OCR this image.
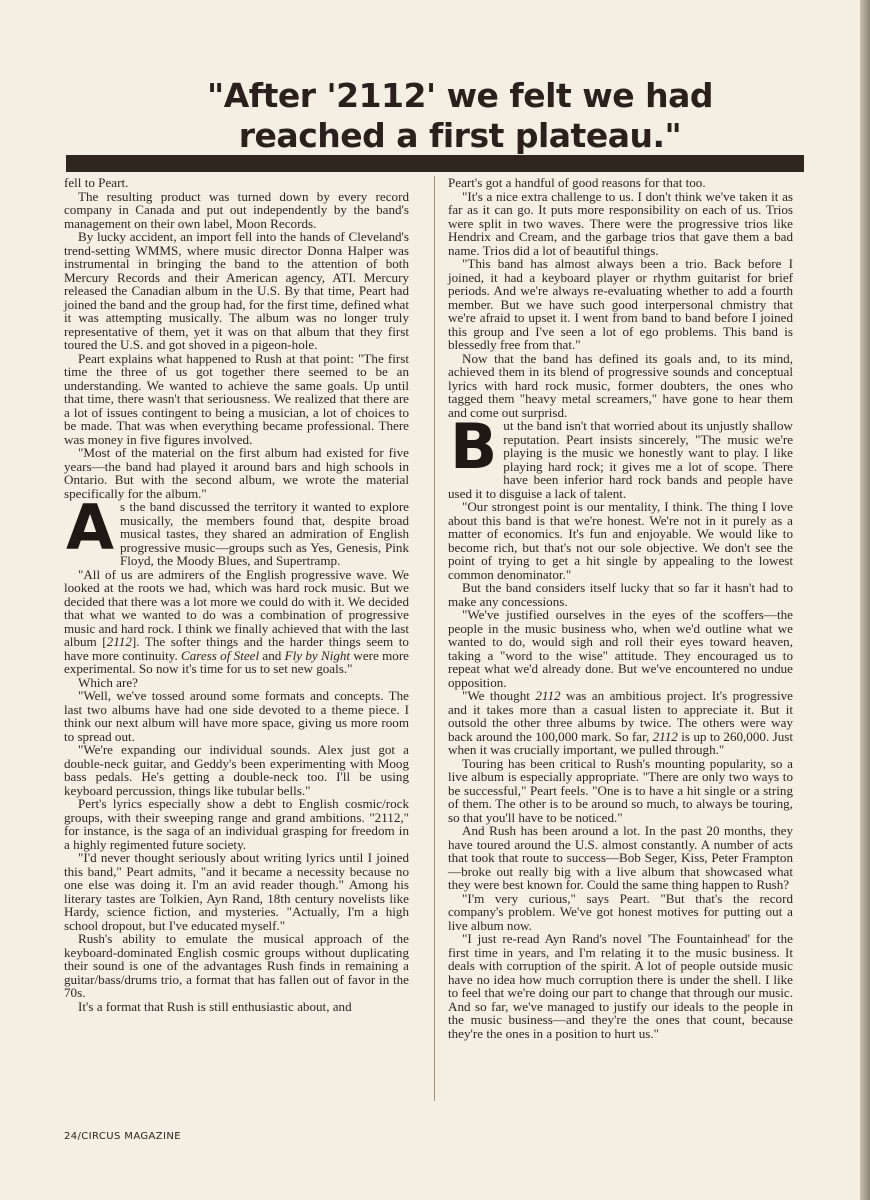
"After '2112' we felt we had
reached a first plateau."

fell to Peart.

The resulting product was turned down by every record company in Canada and put out independently by the band's management on their own label, Moon Records.

By lucky accident, an import fell into the hands of Cleveland's trend-setting WMMS, where music director Donna Halper was instrumental in bringing the band to the attention of both Mercury Records and their American agency, ATI. Mercury released the Canadian album in the U.S. By that time, Peart had joined the band and the group had, for the first time, defined what it was attempting musically. The album was no longer truly representative of them, yet it was on that album that they first toured the U.S. and got shoved in a pigeon-hole.

Peart explains what happened to Rush at that point: "The first time the three of us got together there seemed to be an understanding. We wanted to achieve the same goals. Up until that time, there wasn't that seriousness. We realized that there are a lot of issues contingent to being a musician, a lot of choices to be made. That was when everything became professional. There was money in five figures involved.

"Most of the material on the first album had existed for five years—the band had played it around bars and high schools in Ontario. But with the second album, we wrote the material specifically for the album."

As the band discussed the territory it wanted to explore musically, the members found that, despite broad musical tastes, they shared an admiration of English progressive music—groups such as Yes, Genesis, Pink Floyd, the Moody Blues, and Supertramp.

"All of us are admirers of the English progressive wave. We looked at the roots we had, which was hard rock music. But we decided that there was a lot more we could do with it. We decided that what we wanted to do was a combination of progressive music and hard rock. I think we finally achieved that with the last album [2112]. The softer things and the harder things seem to have more continuity. Caress of Steel and Fly by Night were more experimental. So now it's time for us to set new goals."

Which are?

"Well, we've tossed around some formats and concepts. The last two albums have had one side devoted to a theme piece. I think our next album will have more space, giving us more room to spread out.

"We're expanding our individual sounds. Alex just got a double-neck guitar, and Geddy's been experimenting with Moog bass pedals. He's getting a double-neck too. I'll be using keyboard percussion, things like tubular bells."

Pert's lyrics especially show a debt to English cosmic/rock groups, with their sweeping range and grand ambitions. "2112," for instance, is the saga of an individual grasping for freedom in a highly regimented future society.

"I'd never thought seriously about writing lyrics until I joined this band," Peart admits, "and it became a necessity because no one else was doing it. I'm an avid reader though." Among his literary tastes are Tolkien, Ayn Rand, 18th century novelists like Hardy, science fiction, and mysteries. "Actually, I'm a high school dropout, but I've educated myself."

Rush's ability to emulate the musical approach of the keyboard-dominated English cosmic groups without duplicating their sound is one of the advantages Rush finds in remaining a guitar/bass/drums trio, a format that has fallen out of favor in the 70s.

It's a format that Rush is still enthusiastic about, and

Peart's got a handful of good reasons for that too.

"It's a nice extra challenge to us. I don't think we've taken it as far as it can go. It puts more responsibility on each of us. Trios were split in two waves. There were the progressive trios like Hendrix and Cream, and the garbage trios that gave them a bad name. Trios did a lot of beautiful things.

"This band has almost always been a trio. Back before I joined, it had a keyboard player or rhythm guitarist for brief periods. And we're always re-evaluating whether to add a fourth member. But we have such good interpersonal chmistry that we're afraid to upset it. I went from band to band before I joined this group and I've seen a lot of ego problems. This band is blessedly free from that."

Now that the band has defined its goals and, to its mind, achieved them in its blend of progressive sounds and conceptual lyrics with hard rock music, former doubters, the ones who tagged them "heavy metal screamers," have gone to hear them and come out surprisd.

But the band isn't that worried about its unjustly shallow reputation. Peart insists sincerely, "The music we're playing is the music we honestly want to play. I like playing hard rock; it gives me a lot of scope. There have been inferior hard rock bands and people have used it to disguise a lack of talent.

"Our strongest point is our mentality, I think. The thing I love about this band is that we're honest. We're not in it purely as a matter of economics. It's fun and enjoyable. We would like to become rich, but that's not our sole objective. We don't see the point of trying to get a hit single by appealing to the lowest common denominator."

But the band considers itself lucky that so far it hasn't had to make any concessions.

"We've justified ourselves in the eyes of the scoffers—the people in the music business who, when we'd outline what we wanted to do, would sigh and roll their eyes toward heaven, taking a "word to the wise" attitude. They encouraged us to repeat what we'd already done. But we've encountered no undue opposition.

"We thought 2112 was an ambitious project. It's progressive and it takes more than a casual listen to appreciate it. But it outsold the other three albums by twice. The others were way back around the 100,000 mark. So far, 2112 is up to 260,000. Just when it was crucially important, we pulled through."

Touring has been critical to Rush's mounting popularity, so a live album is especially appropriate. "There are only two ways to be successful," Peart feels. "One is to have a hit single or a string of them. The other is to be around so much, to always be touring, so that you'll have to be noticed."

And Rush has been around a lot. In the past 20 months, they have toured around the U.S. almost constantly. A number of acts that took that route to success—Bob Seger, Kiss, Peter Frampton—broke out really big with a live album that showcased what they were best known for. Could the same thing happen to Rush?

"I'm very curious," says Peart. "But that's the record company's problem. We've got honest motives for putting out a live album now.

"I just re-read Ayn Rand's novel 'The Fountainhead' for the first time in years, and I'm relating it to the music business. It deals with corruption of the spirit. A lot of people outside music have no idea how much corruption there is under the shell. I like to feel that we're doing our part to change that through our music. And so far, we've managed to justify our ideals to the people in the music business—and they're the ones that count, because they're the ones in a position to hurt us."

24/CIRCUS MAGAZINE
